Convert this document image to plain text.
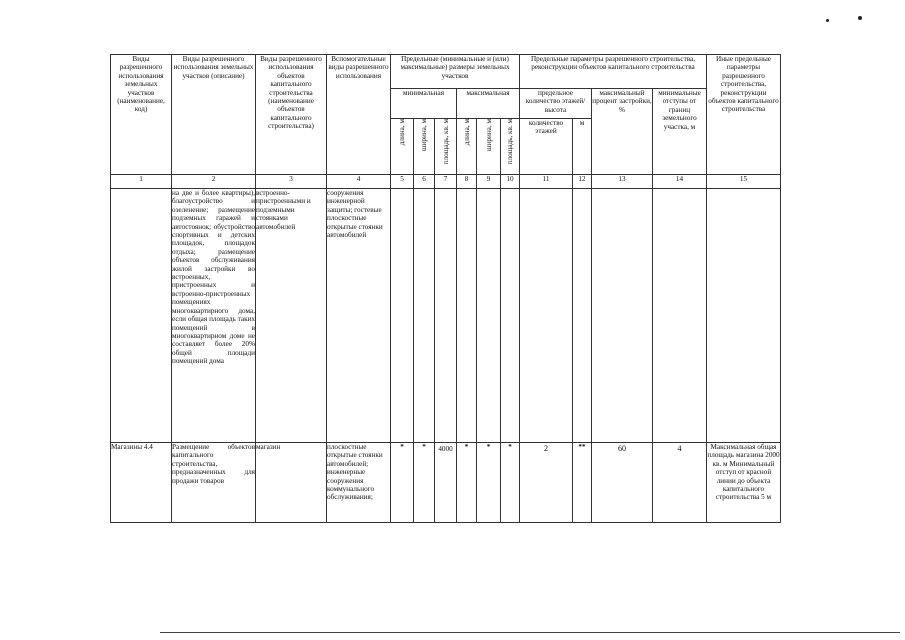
Виды разрешенного использования земельных участков (наименование, код)	Виды разрешенного использования земельных участков (описание)	Виды разрешенного использования объектов капитального строительства (наименование объектов капитального строительства)	Вспомогательные виды разрешенного использования	Предельные (минимальные и (или) максимальные) размеры земельных участков						Предельные параметры разрешенного строительства, реконструкции объектов капитального строительства				Иные предельные параметры разрешенного строительства, реконструкции объектов капитального строительства
				минимальная			максимальная			предельное количество этажей/высота		максимальный процент застройки, %	минимальные отступы от границ земельного участка, м	
				длина, м	ширина, м	площадь, кв. м	длина, м	ширина, м	площадь, кв. м	количество этажей	м			
1	2	3	4	5	6	7	8	9	10	11	12	13	14	15
	на две и более квартиры), благоустройство и озеленение; размещение подземных гаражей и автостоянок; обустройство спортивных и детских площадок, площадок отдыха; размещение объектов обслуживания жилой застройки во встроенных, пристроенных и встроенно-пристроенных помещениях многоквартирного дома, если общая площадь таких помещений в многоквартирном доме не составляет более 20% общей площади помещений дома	встроенно-пристроенными и подземными стоянками автомобилей	сооружения инженерной защиты; гостевые плоскостные открытые стоянки автомобилей											
Магазины 4.4	Размещение объектов капитального строительства, предназначенных для продажи товаров	магазин	плоскостные открытые стоянки автомобилей; инженерные сооружения коммунального обслуживания;	*	*	4000	*	*	*	2	**	60	4	Максимальная общая площадь магазина 2000 кв. м Минимальный отступ от красной линии до объекта капитального строительства 5 м
